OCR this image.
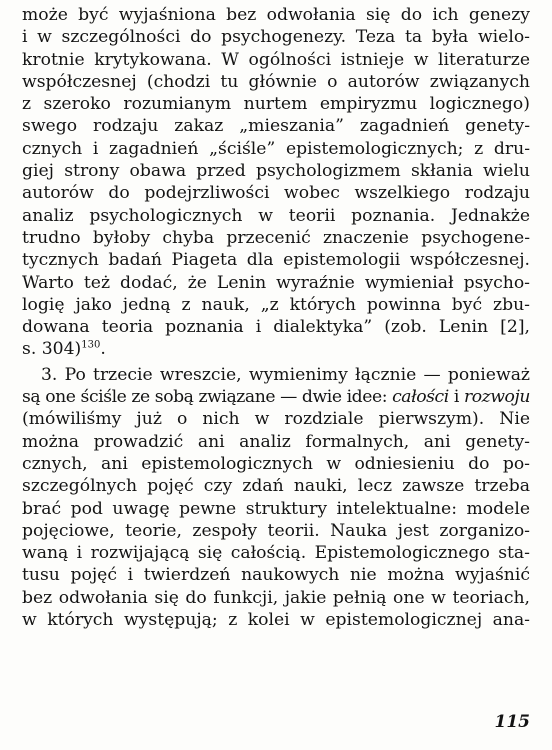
może być wyjaśniona bez odwołania się do ich genezy
i w szczególności do psychogenezy. Teza ta była wielo-
krotnie krytykowana. W ogólności istnieje w literaturze
współczesnej (chodzi tu głównie o autorów związanych
z szeroko rozumianym nurtem empiryzmu logicznego)
swego rodzaju zakaz „mieszania” zagadnień genety-
cznych i zagadnień „ściśle” epistemologicznych; z dru-
giej strony obawa przed psychologizmem skłania wielu
autorów do podejrzliwości wobec wszelkiego rodzaju
analiz psychologicznych w teorii poznania. Jednakże
trudno byłoby chyba przecenić znaczenie psychogene-
tycznych badań Piageta dla epistemologii współczesnej.
Warto też dodać, że Lenin wyraźnie wymieniał psycho-
logię jako jedną z nauk, „z których powinna być zbu-
dowana teoria poznania i dialektyka” (zob. Lenin [2],
s. 304)$^{130}$.

3. Po trzecie wreszcie, wymienimy łącznie — ponieważ
są one ściśle ze sobą związane — dwie idee: całości i rozwoju
(mówiliśmy już o nich w rozdziale pierwszym). Nie
można prowadzić ani analiz formalnych, ani genety-
cznych, ani epistemologicznych w odniesieniu do po-
szczególnych pojęć czy zdań nauki, lecz zawsze trzeba
brać pod uwagę pewne struktury intelektualne: modele
pojęciowe, teorie, zespoły teorii. Nauka jest zorganizo-
waną i rozwijającą się całością. Epistemologicznego sta-
tusu pojęć i twierdzeń naukowych nie można wyjaśnić
bez odwołania się do funkcji, jakie pełnią one w teoriach,
w których występują; z kolei w epistemologicznej ana-

115
